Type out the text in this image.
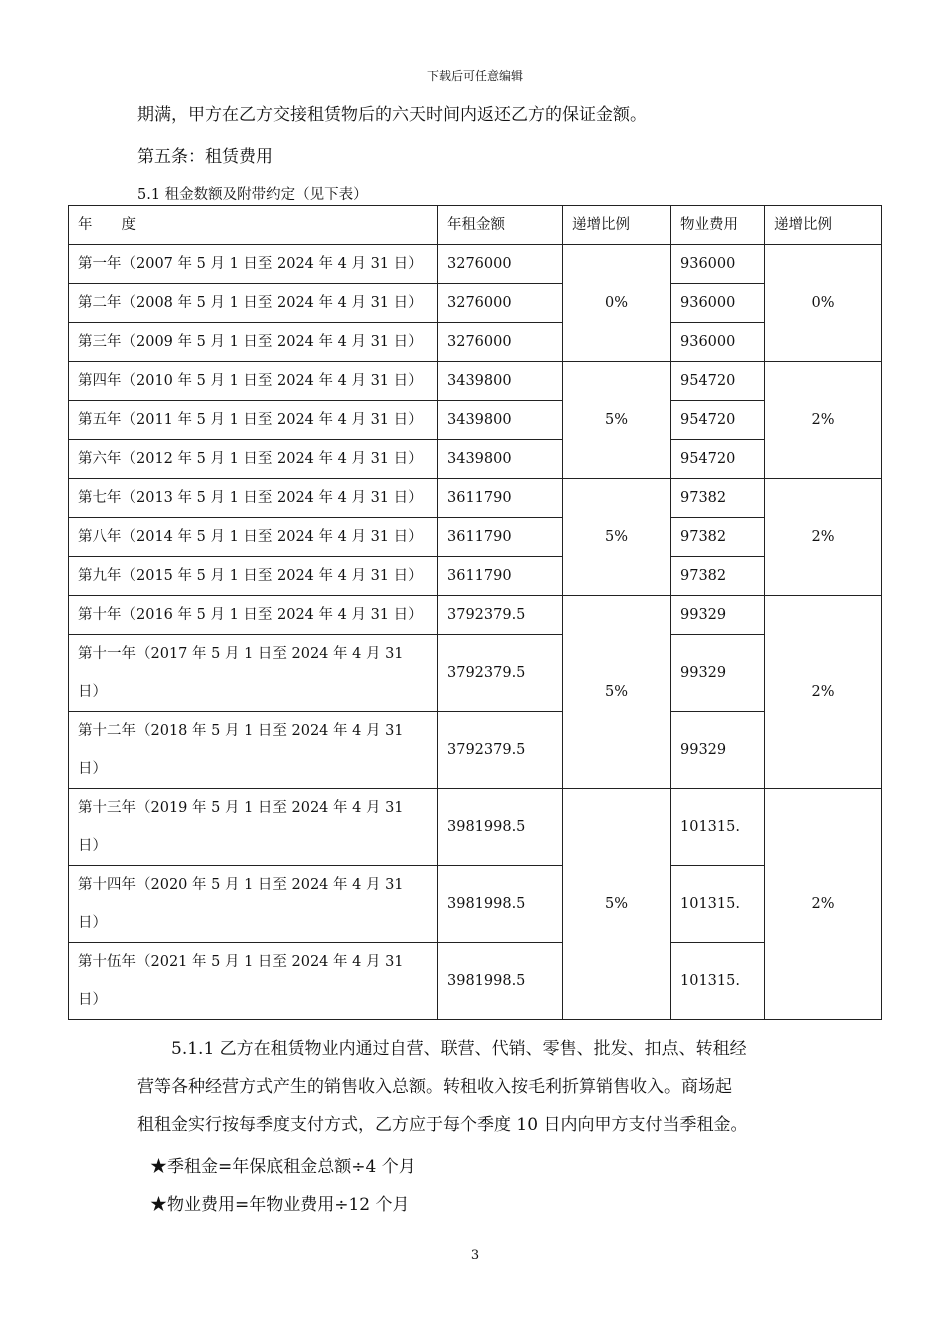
下载后可任意编辑
期满，甲方在乙方交接租赁物后的六天时间内返还乙方的保证金额。
第五条：租赁费用
5.1 租金数额及附带约定（见下表）
年　　度	年租金额	递增比例	物业费用	递增比例
第一年（2007 年 5 月 1 日至 2024 年 4 月 31 日）	3276000	0%	936000	0%
第二年（2008 年 5 月 1 日至 2024 年 4 月 31 日）	3276000		936000	
第三年（2009 年 5 月 1 日至 2024 年 4 月 31 日）	3276000		936000	
第四年（2010 年 5 月 1 日至 2024 年 4 月 31 日）	3439800	5%	954720	2%
第五年（2011 年 5 月 1 日至 2024 年 4 月 31 日）	3439800		954720	
第六年（2012 年 5 月 1 日至 2024 年 4 月 31 日）	3439800		954720	
第七年（2013 年 5 月 1 日至 2024 年 4 月 31 日）	3611790	5%	97382	2%
第八年（2014 年 5 月 1 日至 2024 年 4 月 31 日）	3611790		97382	
第九年（2015 年 5 月 1 日至 2024 年 4 月 31 日）	3611790		97382	
第十年（2016 年 5 月 1 日至 2024 年 4 月 31 日）	3792379.5	5%	99329	2%
第十一年（2017 年 5 月 1 日至 2024 年 4 月 31 日）	3792379.5		99329	
第十二年（2018 年 5 月 1 日至 2024 年 4 月 31 日）	3792379.5		99329	
第十三年（2019 年 5 月 1 日至 2024 年 4 月 31 日）	3981998.5	5%	101315.	2%
第十四年（2020 年 5 月 1 日至 2024 年 4 月 31 日）	3981998.5		101315.	
第十伍年（2021 年 5 月 1 日至 2024 年 4 月 31 日）	3981998.5		101315.	
　　5.1.1 乙方在租赁物业内通过自营、联营、代销、零售、批发、扣点、转租经
营等各种经营方式产生的销售收入总额。转租收入按毛利折算销售收入。商场起
租租金实行按每季度支付方式，乙方应于每个季度 10 日内向甲方支付当季租金。
★季租金=年保底租金总额÷4 个月
★物业费用=年物业费用÷12 个月
3
